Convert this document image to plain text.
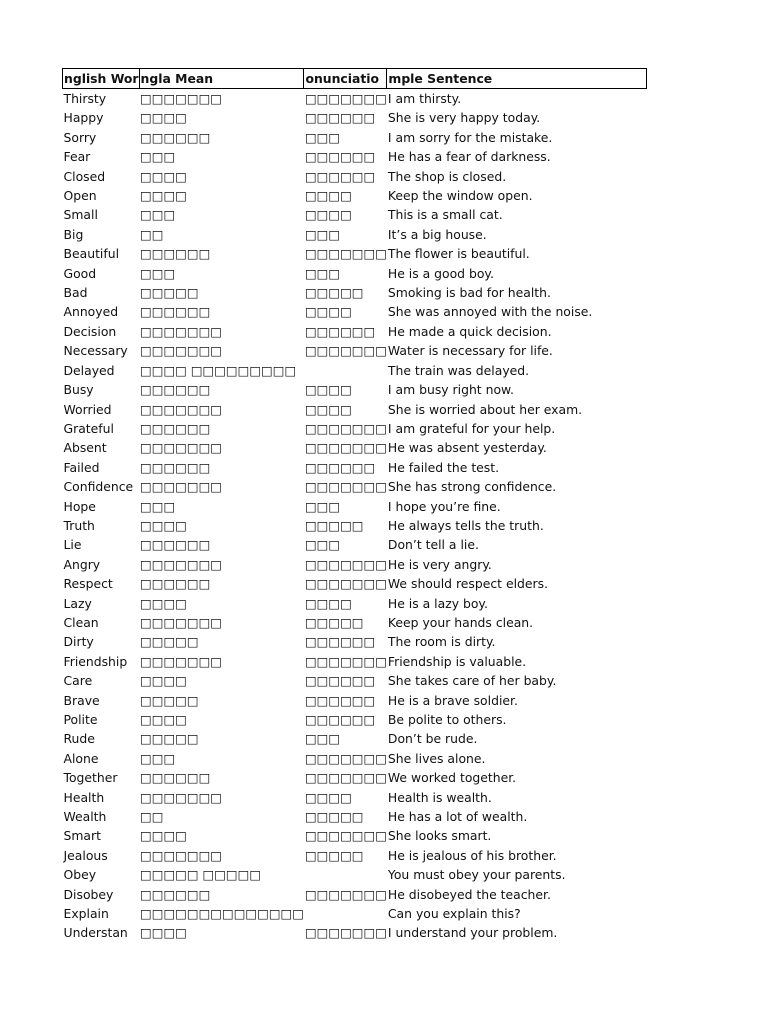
nglish Wor	ngla Mean	onunciatio	mple Sentence
Thirsty	□□□□□□□	□□□□□□□	I am thirsty.
Happy	□□□□	□□□□□□	She is very happy today.
Sorry	□□□□□□	□□□	I am sorry for the mistake.
Fear	□□□	□□□□□□	He has a fear of darkness.
Closed	□□□□	□□□□□□	The shop is closed.
Open	□□□□	□□□□	Keep the window open.
Small	□□□	□□□□	This is a small cat.
Big	□□	□□□	It’s a big house.
Beautiful	□□□□□□	□□□□□□□	The flower is beautiful.
Good	□□□	□□□	He is a good boy.
Bad	□□□□□	□□□□□	Smoking is bad for health.
Annoyed	□□□□□□	□□□□	She was annoyed with the noise.
Decision	□□□□□□□	□□□□□□	He made a quick decision.
Necessary	□□□□□□□	□□□□□□□	Water is necessary for life.
Delayed	□□□□ □□□□□□□□□		The train was delayed.
Busy	□□□□□□	□□□□	I am busy right now.
Worried	□□□□□□□	□□□□	She is worried about her exam.
Grateful	□□□□□□	□□□□□□□	I am grateful for your help.
Absent	□□□□□□□	□□□□□□□	He was absent yesterday.
Failed	□□□□□□	□□□□□□	He failed the test.
Confidence	□□□□□□□	□□□□□□□	She has strong confidence.
Hope	□□□	□□□	I hope you’re fine.
Truth	□□□□	□□□□□	He always tells the truth.
Lie	□□□□□□	□□□	Don’t tell a lie.
Angry	□□□□□□□	□□□□□□□	He is very angry.
Respect	□□□□□□	□□□□□□□	We should respect elders.
Lazy	□□□□	□□□□	He is a lazy boy.
Clean	□□□□□□□	□□□□□	Keep your hands clean.
Dirty	□□□□□	□□□□□□	The room is dirty.
Friendship	□□□□□□□	□□□□□□□	Friendship is valuable.
Care	□□□□	□□□□□□	She takes care of her baby.
Brave	□□□□□	□□□□□□	He is a brave soldier.
Polite	□□□□	□□□□□□	Be polite to others.
Rude	□□□□□	□□□	Don’t be rude.
Alone	□□□	□□□□□□□	She lives alone.
Together	□□□□□□	□□□□□□□	We worked together.
Health	□□□□□□□	□□□□	Health is wealth.
Wealth	□□	□□□□□	He has a lot of wealth.
Smart	□□□□	□□□□□□□	She looks smart.
Jealous	□□□□□□□	□□□□□	He is jealous of his brother.
Obey	□□□□□ □□□□□		You must obey your parents.
Disobey	□□□□□□	□□□□□□□	He disobeyed the teacher.
Explain	□□□□□□□□□□□□□□		Can you explain this?
Understan	□□□□	□□□□□□□	I understand your problem.
